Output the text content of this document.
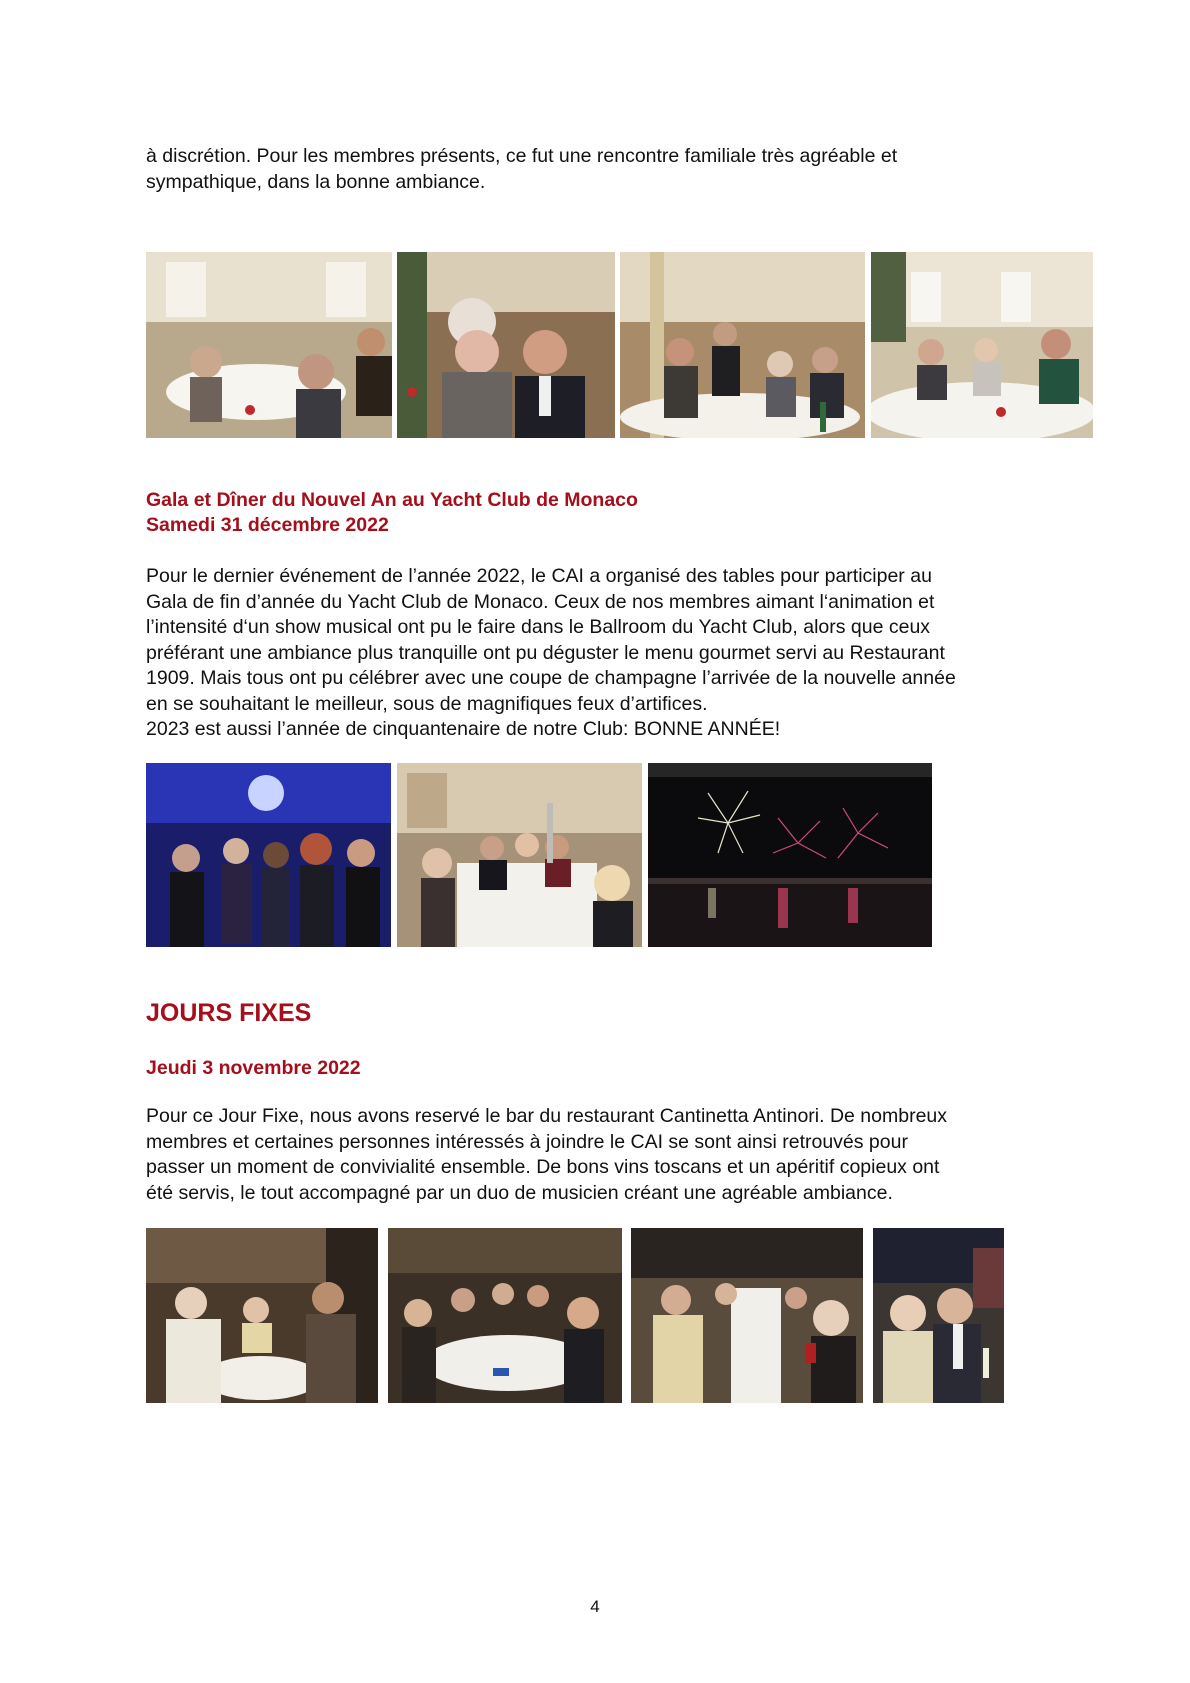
à discrétion. Pour les membres présents, ce fut une rencontre familiale très agréable et
sympathique, dans la bonne ambiance.
Gala et Dîner du Nouvel An au Yacht Club de Monaco
Samedi 31 décembre 2022
Pour le dernier événement de l’année 2022, le CAI a organisé des tables pour participer au
Gala de fin d’année du Yacht Club de Monaco. Ceux de nos membres aimant l‘animation et
l’intensité d‘un show musical ont pu le faire dans le Ballroom du Yacht Club, alors que ceux
préférant une ambiance plus tranquille ont pu déguster le menu gourmet servi au Restaurant
1909. Mais tous ont pu célébrer avec une coupe de champagne l’arrivée de la nouvelle année
en se souhaitant le meilleur, sous de magnifiques feux d’artifices.
2023 est aussi l’année de cinquantenaire de notre Club: BONNE ANNÉE!
JOURS FIXES
Jeudi 3 novembre 2022
Pour ce Jour Fixe, nous avons reservé le bar du restaurant Cantinetta Antinori. De nombreux
membres et certaines personnes intéressés à joindre le CAI se sont ainsi retrouvés pour
passer un moment de convivialité ensemble. De bons vins toscans et un apéritif copieux ont
été servis, le tout accompagné par un duo de musicien créant une agréable ambiance.
4
